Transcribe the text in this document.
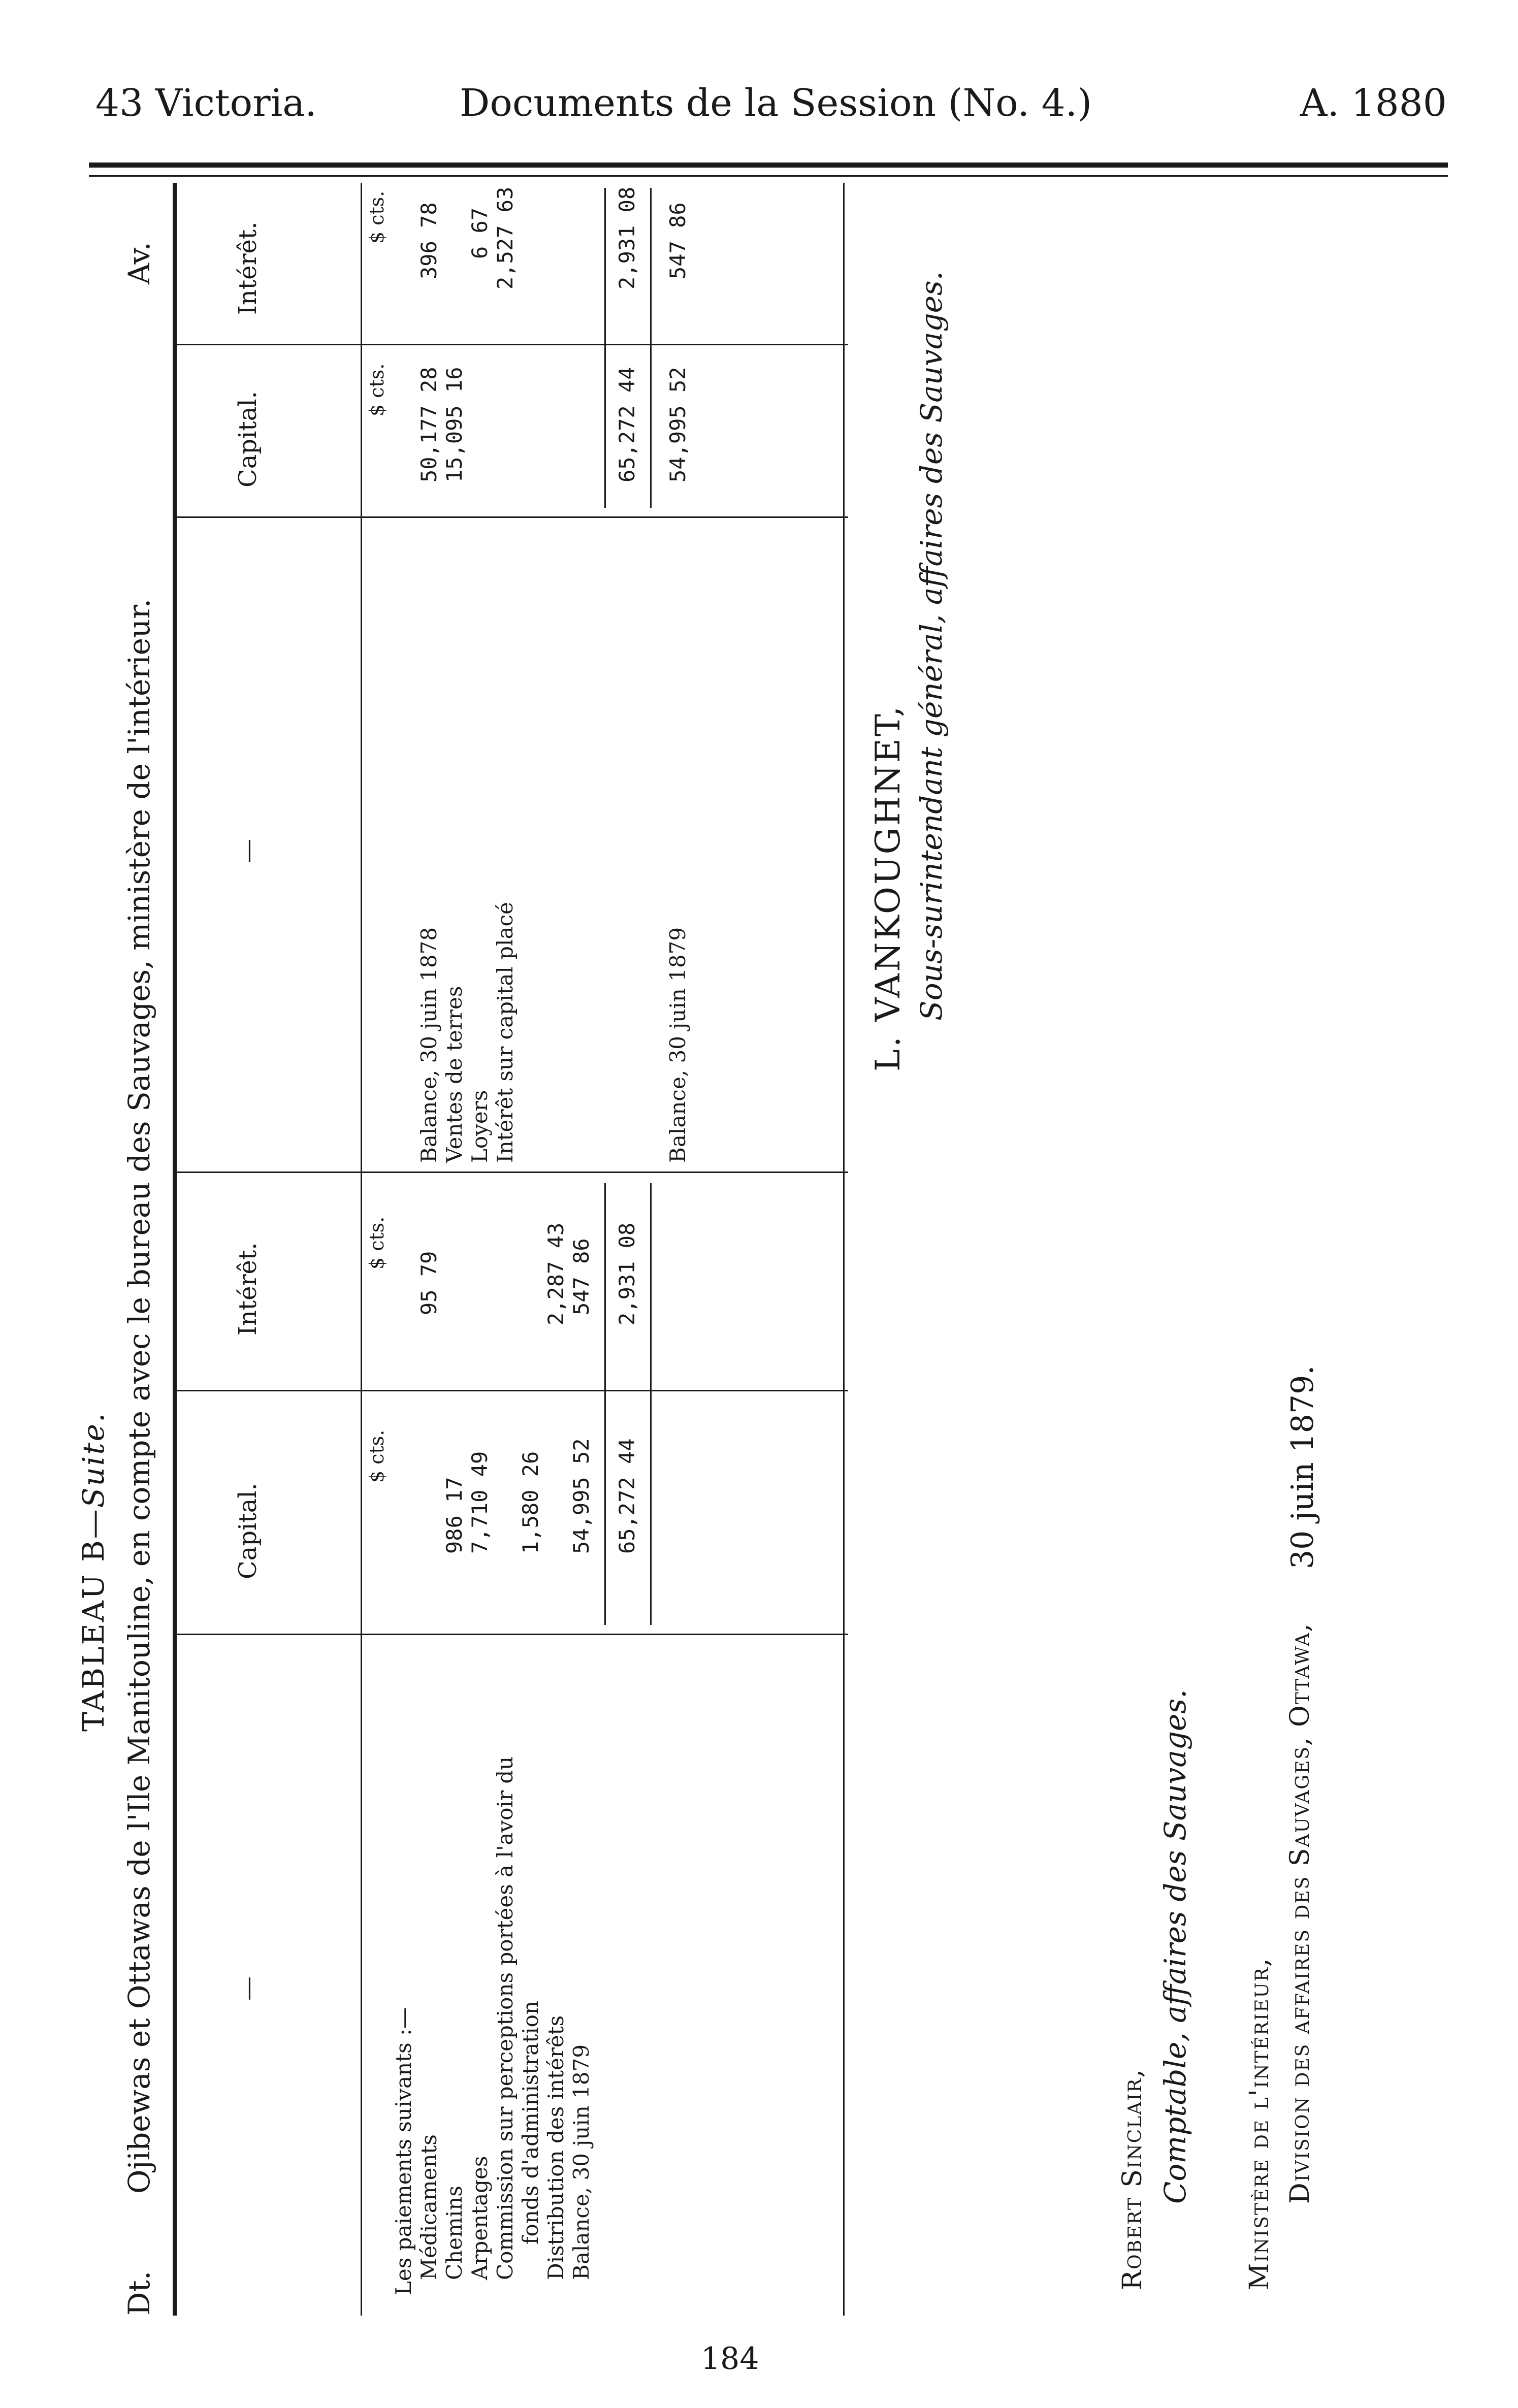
43 Victoria.	Documents de la Session (No. 4.)	A. 1880
TABLEAU B—Suite.
Dt.
Ojibewas et Ottawas de l'Ile Manitouline, en compte avec le bureau des Sauvages, ministère de l'intérieur.
Av.
—
Capital.
Intérêt.
—
Capital.
Intérêt.
$ cts.
$ cts.
$ cts.
$ cts.
Les paiements suivants :— Médicaments
95 79
Chemins
986 17
Arpentages
7,710 49
Commission sur perceptions portées à l'avoir du fonds d'administration
1,580 26
Distribution des intérêts
2,287 43
Balance, 30 juin 1879
54,995 52
547 86
65,272 44
2,931 08
Balance, 30 juin 1878
50,177 28
396 78
Ventes de terres
15,095 16
Loyers
6 67
Intérêt sur capital placé
2,527 63
65,272 44
2,931 08
Balance, 30 juin 1879
54,995 52
547 86
L. VANKOUGHNET, Sous-surintendant général, affaires des Sauvages.
Robert Sinclair, Comptable, affaires des Sauvages. Ministère de l'intérieur, Division des affaires des Sauvages, Ottawa,
30 juin 1879.
184
